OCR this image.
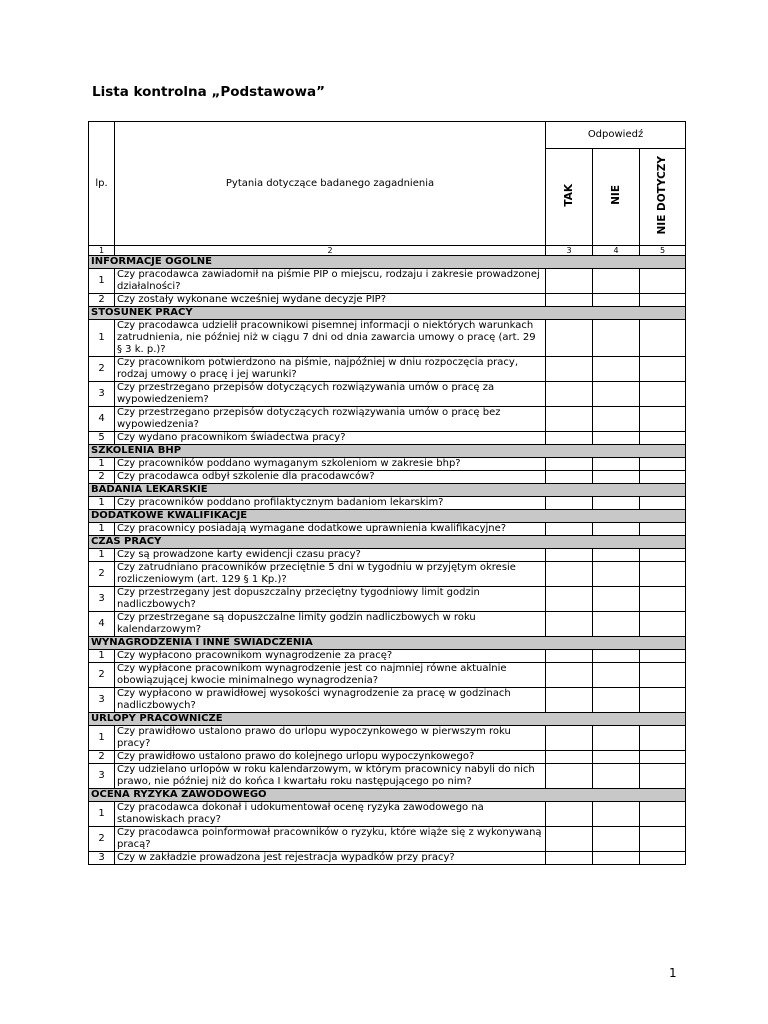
Lista kontrolna „Podstawowa”
lp.	Pytania dotyczące badanego zagadnienia	Odpowiedź		
		TAK	NIE	NIE DOTYCZY
1	2	3	4	5
INFORMACJE OGÓLNE				
1	Czy pracodawca zawiadomił na piśmie PIP o miejscu, rodzaju i zakresie prowadzonej działalności?			
2	Czy zostały wykonane wcześniej wydane decyzje PIP?			
STOSUNEK PRACY				
1	Czy pracodawca udzielił pracownikowi pisemnej informacji o niektórych warunkach zatrudnienia, nie później niż w ciągu 7 dni od dnia zawarcia umowy o pracę (art. 29 § 3 k. p.)?			
2	Czy pracownikom potwierdzono na piśmie, najpóźniej w dniu rozpoczęcia pracy, rodzaj umowy o pracę i jej warunki?			
3	Czy przestrzegano przepisów dotyczących rozwiązywania umów o pracę za wypowiedzeniem?			
4	Czy przestrzegano przepisów dotyczących rozwiązywania umów o pracę bez wypowiedzenia?			
5	Czy wydano pracownikom świadectwa pracy?			
SZKOLENIA BHP				
1	Czy pracowników poddano wymaganym szkoleniom w zakresie bhp?			
2	Czy pracodawca odbył szkolenie dla pracodawców?			
BADANIA LEKARSKIE				
1	Czy pracowników poddano profilaktycznym badaniom lekarskim?			
DODATKOWE KWALIFIKACJE				
1	Czy pracownicy posiadają wymagane dodatkowe uprawnienia kwalifikacyjne?			
CZAS PRACY				
1	Czy są prowadzone karty ewidencji czasu pracy?			
2	Czy zatrudniano pracowników przeciętnie 5 dni w tygodniu w przyjętym okresie rozliczeniowym (art. 129 § 1 Kp.)?			
3	Czy przestrzegany jest dopuszczalny przeciętny tygodniowy limit godzin nadliczbowych?			
4	Czy przestrzegane są dopuszczalne limity godzin nadliczbowych w roku kalendarzowym?			
WYNAGRODZENIA I INNE ŚWIADCZENIA				
1	Czy wypłacono pracownikom wynagrodzenie za pracę?			
2	Czy wypłacone pracownikom wynagrodzenie jest co najmniej równe aktualnie obowiązującej kwocie minimalnego wynagrodzenia?			
3	Czy wypłacono w prawidłowej wysokości wynagrodzenie za pracę w godzinach nadliczbowych?			
URLOPY PRACOWNICZE				
1	Czy prawidłowo ustalono prawo do urlopu wypoczynkowego w pierwszym roku pracy?			
2	Czy prawidłowo ustalono prawo do kolejnego urlopu wypoczynkowego?			
3	Czy udzielano urlopów w roku kalendarzowym, w którym pracownicy nabyli do nich prawo, nie później niż do końca I kwartału roku następującego po nim?			
OCENA RYZYKA ZAWODOWEGO				
1	Czy pracodawca dokonał i udokumentował ocenę ryzyka zawodowego na stanowiskach pracy?			
2	Czy pracodawca poinformował pracowników o ryzyku, które wiąże się z wykonywaną pracą?			
3	Czy w zakładzie prowadzona jest rejestracja wypadków przy pracy?			
1
